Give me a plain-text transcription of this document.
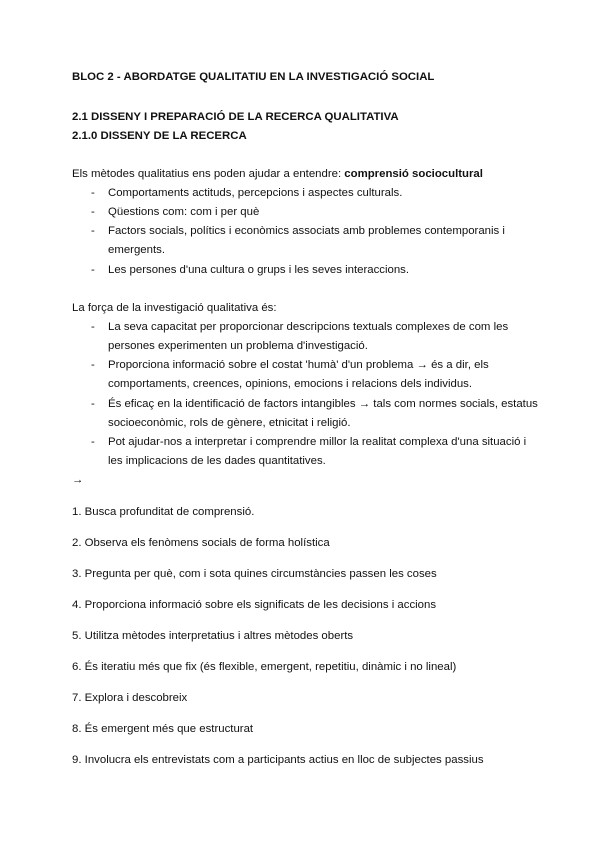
BLOC 2 - ABORDATGE QUALITATIU EN LA INVESTIGACIÓ SOCIAL
2.1 DISSENY I PREPARACIÓ DE LA RECERCA QUALITATIVA
2.1.0 DISSENY DE LA RECERCA
Els mètodes qualitatius ens poden ajudar a entendre: comprensió sociocultural
- Comportaments actituds, percepcions i aspectes culturals.
- Qüestions com: com i per què
- Factors socials, polítics i econòmics associats amb problemes contemporanis i
emergents.
- Les persones d'una cultura o grups i les seves interaccions.
La força de la investigació qualitativa és:
- La seva capacitat per proporcionar descripcions textuals complexes de com les
persones experimenten un problema d'investigació.
- Proporciona informació sobre el costat 'humà' d'un problema → és a dir, els
comportaments, creences, opinions, emocions i relacions dels individus.
- És eficaç en la identificació de factors intangibles → tals com normes socials, estatus
socioeconòmic, rols de gènere, etnicitat i religió.
- Pot ajudar-nos a interpretar i comprendre millor la realitat complexa d'una situació i
les implicacions de les dades quantitatives.
→
1. Busca profunditat de comprensió.
2. Observa els fenòmens socials de forma holística
3. Pregunta per què, com i sota quines circumstàncies passen les coses
4. Proporciona informació sobre els significats de les decisions i accions
5. Utilitza mètodes interpretatius i altres mètodes oberts
6. És iteratiu més que fix (és flexible, emergent, repetitiu, dinàmic i no lineal)
7. Explora i descobreix
8. És emergent més que estructurat
9. Involucra els entrevistats com a participants actius en lloc de subjectes passius
